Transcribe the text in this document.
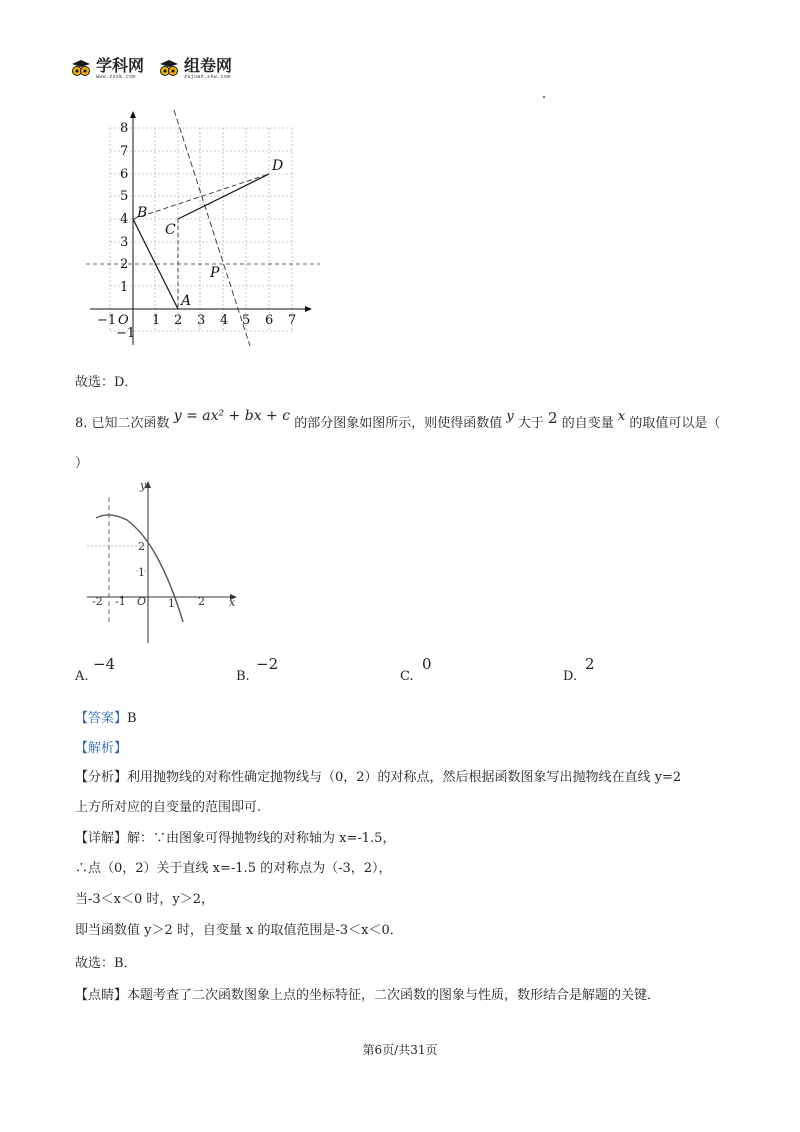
学科网
www.zxxk.com
组卷网
zujuan.xkw.com
−1 O 1 2 3 4 5 6 7
8
7
6
5
4
3
2
1
−1
A
B
C
D
P
故选：D．
8. 已知二次函数 y = ax² + bx + c 的部分图象如图所示，则使得函数值 y 大于 2 的自变量 x 的取值可以是（
）
y
x
-2 -1 O 1 2
2
1
A.
−4
B.
−2
C.
0
D.
2
【答案】B
【解析】
【分析】利用抛物线的对称性确定抛物线与（0，2）的对称点，然后根据函数图象写出抛物线在直线 y=2
上方所对应的自变量的范围即可.
【详解】解：∵由图象可得抛物线的对称轴为 x=-1.5，
∴点（0，2）关于直线 x=-1.5 的对称点为（-3，2），
当-3＜x＜0 时，y＞2，
即当函数值 y＞2 时，自变量 x 的取值范围是-3＜x＜0．
故选：B．
【点睛】本题考查了二次函数图象上点的坐标特征，二次函数的图象与性质，数形结合是解题的关键．
第6页/共31页
